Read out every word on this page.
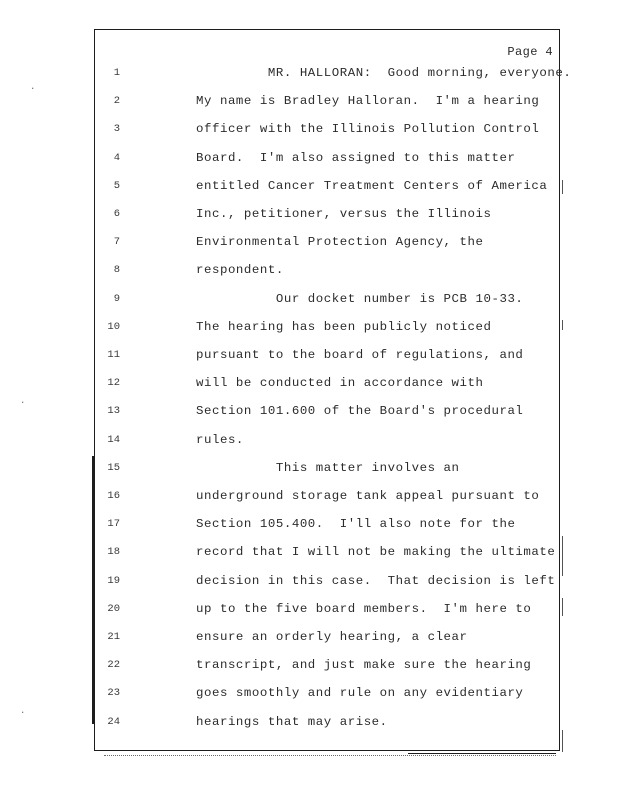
Page 4
1	MR. HALLORAN:  Good morning, everyone.
2	My name is Bradley Halloran.  I'm a hearing
3	officer with the Illinois Pollution Control
4	Board.  I'm also assigned to this matter
5	entitled Cancer Treatment Centers of America
6	Inc., petitioner, versus the Illinois
7	Environmental Protection Agency, the
8	respondent.
9	Our docket number is PCB 10-33.
10	The hearing has been publicly noticed
11	pursuant to the board of regulations, and
12	will be conducted in accordance with
13	Section 101.600 of the Board's procedural
14	rules.
15	This matter involves an
16	underground storage tank appeal pursuant to
17	Section 105.400.  I'll also note for the
18	record that I will not be making the ultimate
19	decision in this case.  That decision is left
20	up to the five board members.  I'm here to
21	ensure an orderly hearing, a clear
22	transcript, and just make sure the hearing
23	goes smoothly and rule on any evidentiary
24	hearings that may arise.
·
·
·
